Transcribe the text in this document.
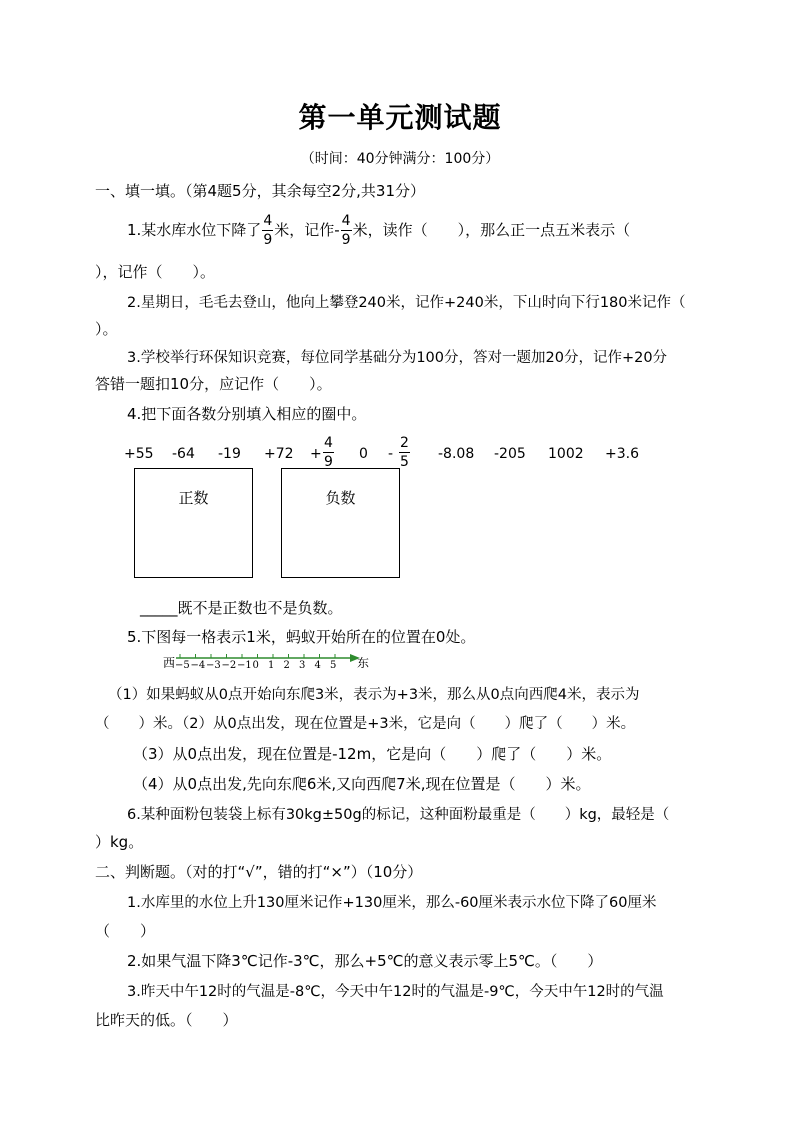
第一单元测试题
（时间：40分钟满分：100分）
一、填一填。（第4题5分，其余每空2分,共31分）
1.某水库水位下降了 $\frac{4}{9}$ 米，记作- $\frac{4}{9}$ 米，读作（　　），那么正一点五米表示（
），记作（　　）。
2.星期日，毛毛去登山，他向上攀登240米，记作+240米，下山时向下行180米记作（
）。
3.学校举行环保知识竞赛，每位同学基础分为100分，答对一题加20分，记作+20分
答错一题扣10分，应记作（　　）。
4.把下面各数分别填入相应的圈中。
+55 -64 $-19 +72 + \frac{4}{9} 0 - \frac{2}{5} -8.08$ -205 1002 +3.6
正数	负数
_____既不是正数也不是负数。
5.下图每一格表示1米，蚂蚁开始所在的位置在0处。
西	东
−5 −4 −3 −2 −1 0 1 2 3 4 5
（1）如果蚂蚁从0点开始向东爬3米，表示为+3米，那么从0点向西爬4米，表示为
（　　）米。（2）从0点出发，现在位置是+3米，它是向（　　）爬了（　　）米。
（3）从0点出发，现在位置是-12m，它是向（　　）爬了（　　）米。
（4）从0点出发,先向东爬6米,又向西爬7米,现在位置是（　　）米。
6.某种面粉包装袋上标有30kg±50g的标记，这种面粉最重是（　　）kg，最轻是（
）kg。
二、判断题。（对的打“√”，错的打“×”）（10分）
1.水库里的水位上升130厘米记作+130厘米，那么-60厘米表示水位下降了60厘米
（　　）
2.如果气温下降3℃记作-3℃，那么+5℃的意义表示零上5℃。（　　）
3.昨天中午12时的气温是-8℃，今天中午12时的气温是-9℃，今天中午12时的气温
比昨天的低。（　　）
